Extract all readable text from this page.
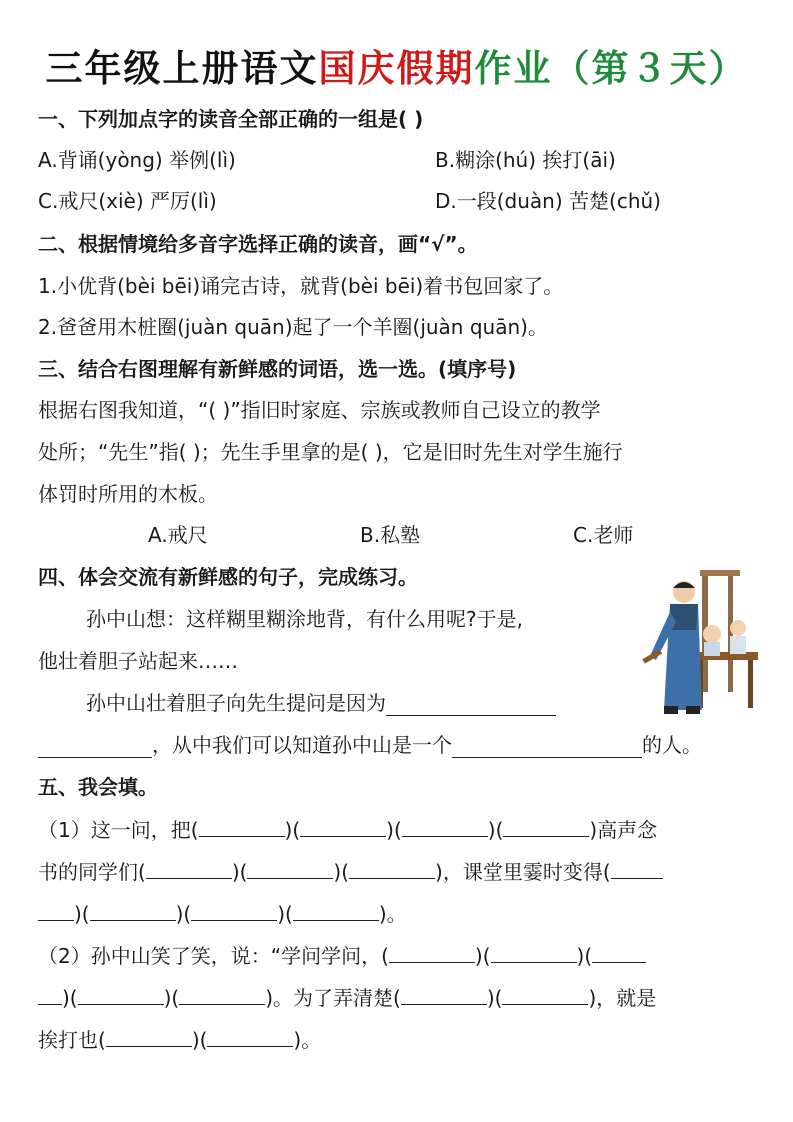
三年级上册语文国庆假期作业（第３天）
一、下列加点字的读音全部正确的一组是( )
A.背诵(yòng) 举例(lì)	B.糊涂(hú) 挨打(āi)
C.戒尺(xiè) 严厉(lì)	D.一段(duàn) 苦楚(chǔ)
二、根据情境给多音字选择正确的读音，画“√”。
1.小优背(bèi bēi)诵完古诗，就背(bèi bēi)着书包回家了。
2.爸爸用木桩圈(juàn quān)起了一个羊圈(juàn quān)。
三、结合右图理解有新鲜感的词语，选一选。(填序号)
根据右图我知道，“( )”指旧时家庭、宗族或教师自己设立的教学
处所；“先生”指( )；先生手里拿的是( )，它是旧时先生对学生施行
体罚时所用的木板。
A.戒尺	B.私塾	C.老师
四、体会交流有新鲜感的句子，完成练习。
孙中山想：这样糊里糊涂地背，有什么用呢?于是,
他壮着胆子站起来……
孙中山壮着胆子向先生提问是因为
，从中我们可以知道孙中山是一个	的人。
五、我会填。
（1）这一问，把(	)(	)(	)(	)高声念
书的同学们(	)(	)(	)，课堂里霎时变得(
)(	)(	)(	)。
（2）孙中山笑了笑，说：“学问学问，(	)(	)(
)(	)(	)。为了弄清楚(	)(	)，就是
挨打也(	)(	)。
